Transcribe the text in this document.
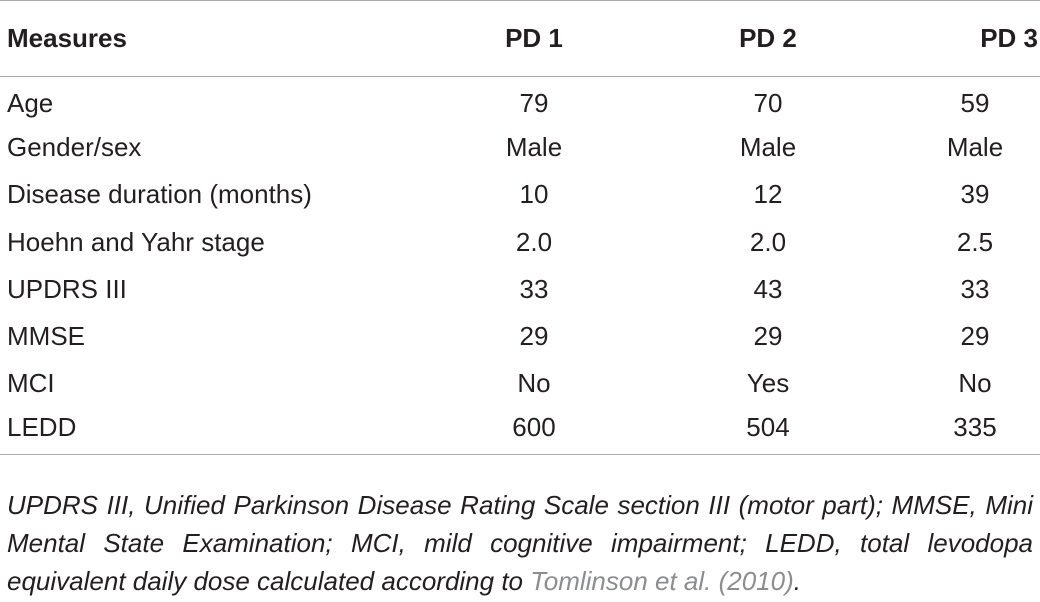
Measures	PD 1	PD 2	PD 3
Age	79	70	59
Gender/sex	Male	Male	Male
Disease duration (months)	10	12	39
Hoehn and Yahr stage	2.0	2.0	2.5
UPDRS III	33	43	33
MMSE	29	29	29
MCI	No	Yes	No
LEDD	600	504	335
UPDRS III, Unified Parkinson Disease Rating Scale section III (motor part); MMSE, Mini Mental State Examination; MCI, mild cognitive impairment; LEDD, total levodopa equivalent daily dose calculated according to Tomlinson et al. (2010).
